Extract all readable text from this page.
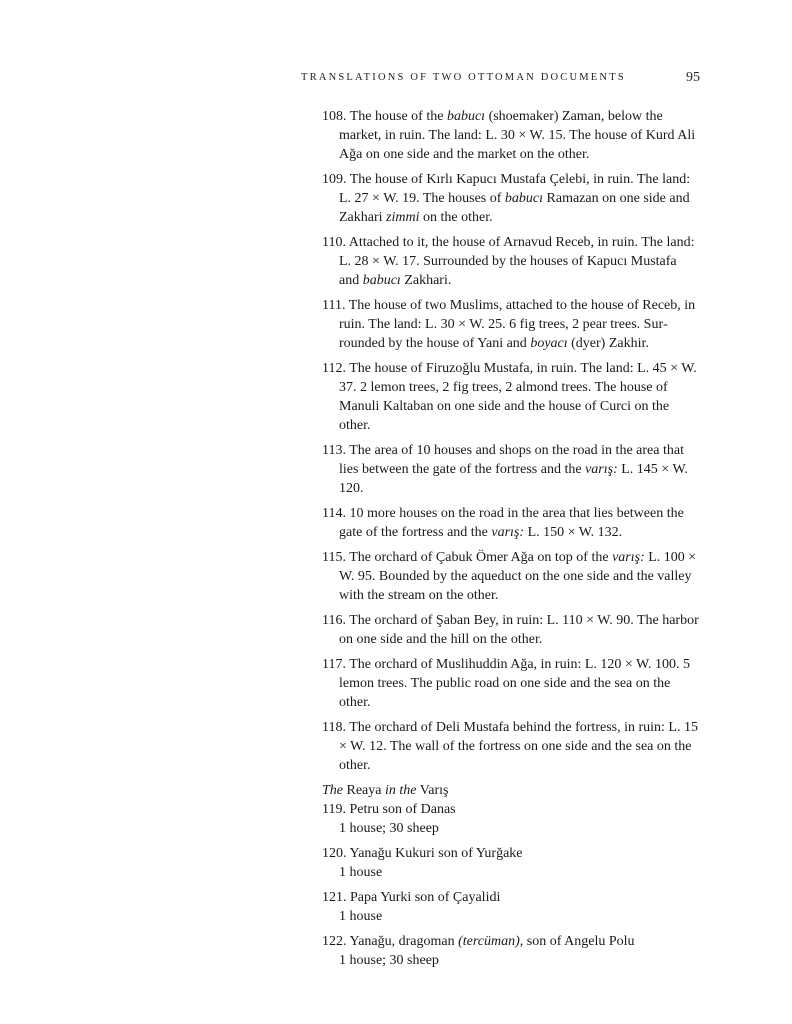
TRANSLATIONS OF TWO OTTOMAN DOCUMENTS	95
108. The house of the babucı (shoemaker) Zaman, below the market, in ruin. The land: L. 30 × W. 15. The house of Kurd Ali Ağa on one side and the market on the other.
109. The house of Kırlı Kapucı Mustafa Çelebi, in ruin. The land: L. 27 × W. 19. The houses of babucı Ramazan on one side and Zakhari zimmi on the other.
110. Attached to it, the house of Arnavud Receb, in ruin. The land: L. 28 × W. 17. Surrounded by the houses of Kapucı Mustafa and babucı Zakhari.
111. The house of two Muslims, attached to the house of Receb, in ruin. The land: L. 30 × W. 25. 6 fig trees, 2 pear trees. Surrounded by the house of Yani and boyacı (dyer) Zakhir.
112. The house of Firuzoğlu Mustafa, in ruin. The land: L. 45 × W. 37. 2 lemon trees, 2 fig trees, 2 almond trees. The house of Manuli Kaltaban on one side and the house of Curci on the other.
113. The area of 10 houses and shops on the road in the area that lies between the gate of the fortress and the varış: L. 145 × W. 120.
114. 10 more houses on the road in the area that lies between the gate of the fortress and the varış: L. 150 × W. 132.
115. The orchard of Çabuk Ömer Ağa on top of the varış: L. 100 × W. 95. Bounded by the aqueduct on the one side and the valley with the stream on the other.
116. The orchard of Şaban Bey, in ruin: L. 110 × W. 90. The harbor on one side and the hill on the other.
117. The orchard of Muslihuddin Ağa, in ruin: L. 120 × W. 100. 5 lemon trees. The public road on one side and the sea on the other.
118. The orchard of Deli Mustafa behind the fortress, in ruin: L. 15 × W. 12. The wall of the fortress on one side and the sea on the other.
The Reaya in the Varış
119. Petru son of Danas
1 house; 30 sheep
120. Yanağu Kukuri son of Yurğake
1 house
121. Papa Yurki son of Çayalidi
1 house
122. Yanağu, dragoman (tercüman), son of Angelu Polu
1 house; 30 sheep
